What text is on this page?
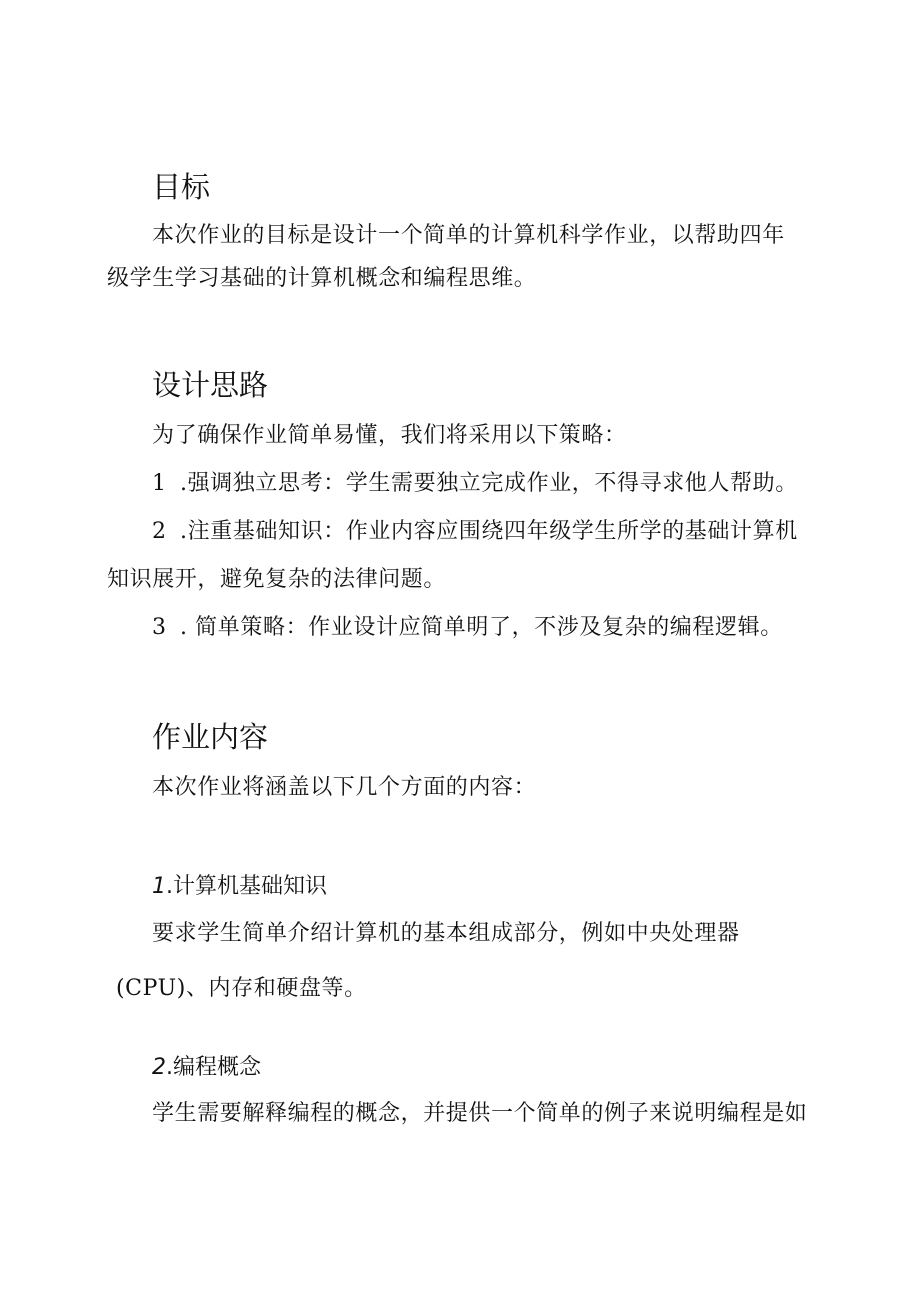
目标
本次作业的目标是设计一个简单的计算机科学作业，以帮助四年
级学生学习基础的计算机概念和编程思维。
设计思路
为了确保作业简单易懂，我们将采用以下策略：
1 .强调独立思考：学生需要独立完成作业，不得寻求他人帮助。
2 .注重基础知识：作业内容应围绕四年级学生所学的基础计算机
知识展开，避免复杂的法律问题。
3 . 简单策略：作业设计应简单明了，不涉及复杂的编程逻辑。
作业内容
本次作业将涵盖以下几个方面的内容：
1.计算机基础知识
要求学生简单介绍计算机的基本组成部分，例如中央处理器
(CPU)、内存和硬盘等。
2.编程概念
学生需要解释编程的概念，并提供一个简单的例子来说明编程是如
